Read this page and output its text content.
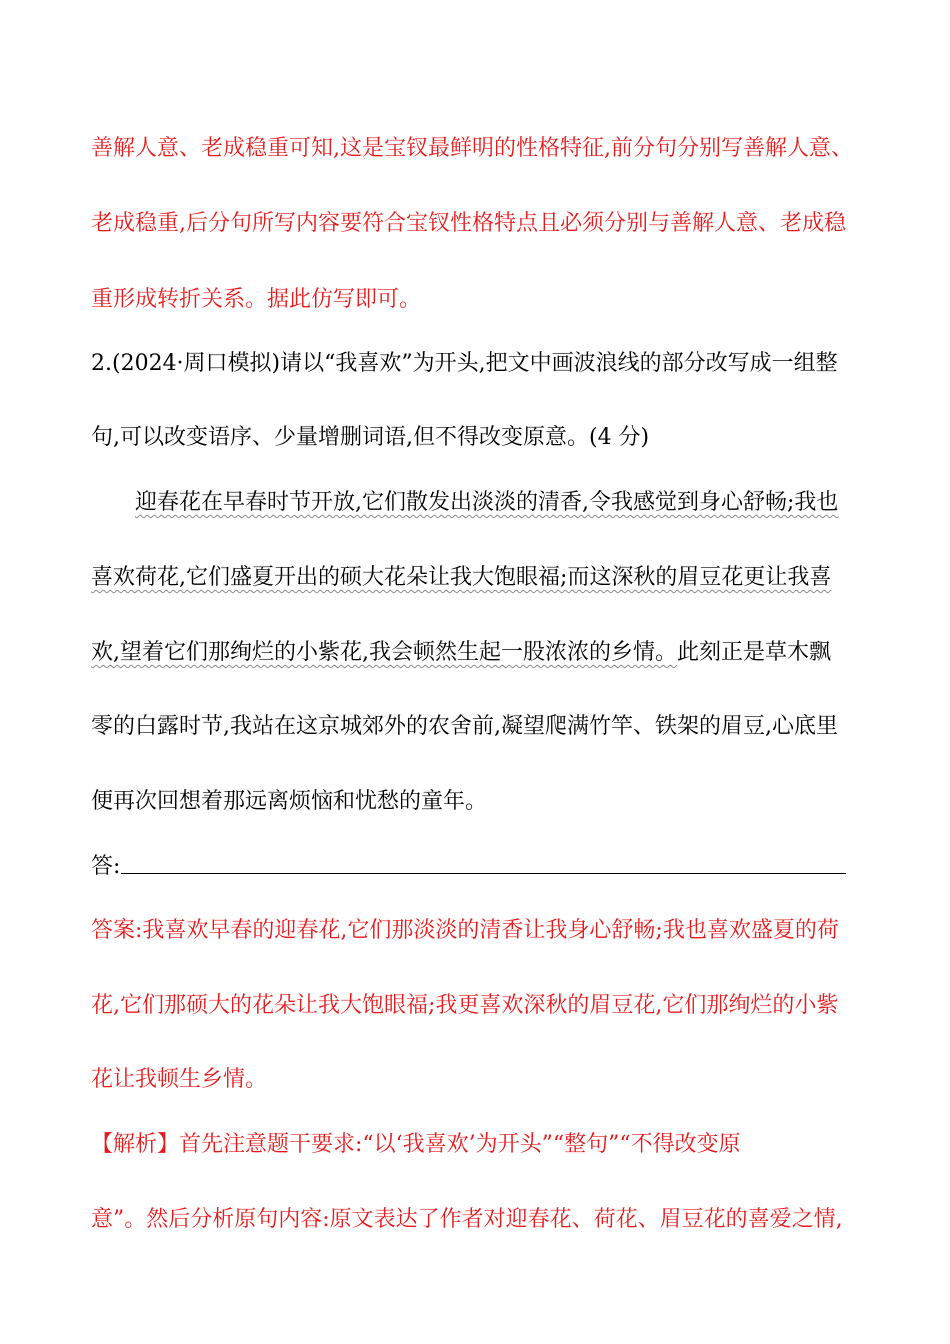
善解人意、老成稳重可知,这是宝钗最鲜明的性格特征,前分句分别写善解人意、
老成稳重,后分句所写内容要符合宝钗性格特点且必须分别与善解人意、老成稳
重形成转折关系。据此仿写即可。
2.(2024·周口模拟)请以“我喜欢”为开头,把文中画波浪线的部分改写成一组整
句,可以改变语序、少量增删词语,但不得改变原意。(4 分)
迎春花在早春时节开放,它们散发出淡淡的清香,令我感觉到身心舒畅;我也
喜欢荷花,它们盛夏开出的硕大花朵让我大饱眼福;而这深秋的眉豆花更让我喜
欢,望着它们那绚烂的小紫花,我会顿然生起一股浓浓的乡情。此刻正是草木飘
零的白露时节,我站在这京城郊外的农舍前,凝望爬满竹竿、铁架的眉豆,心底里
便再次回想着那远离烦恼和忧愁的童年。
答:
答案:我喜欢早春的迎春花,它们那淡淡的清香让我身心舒畅;我也喜欢盛夏的荷
花,它们那硕大的花朵让我大饱眼福;我更喜欢深秋的眉豆花,它们那绚烂的小紫
花让我顿生乡情。
【解析】首先注意题干要求:“以‘我喜欢’为开头”“整句”“不得改变原
意”。然后分析原句内容:原文表达了作者对迎春花、荷花、眉豆花的喜爱之情,
